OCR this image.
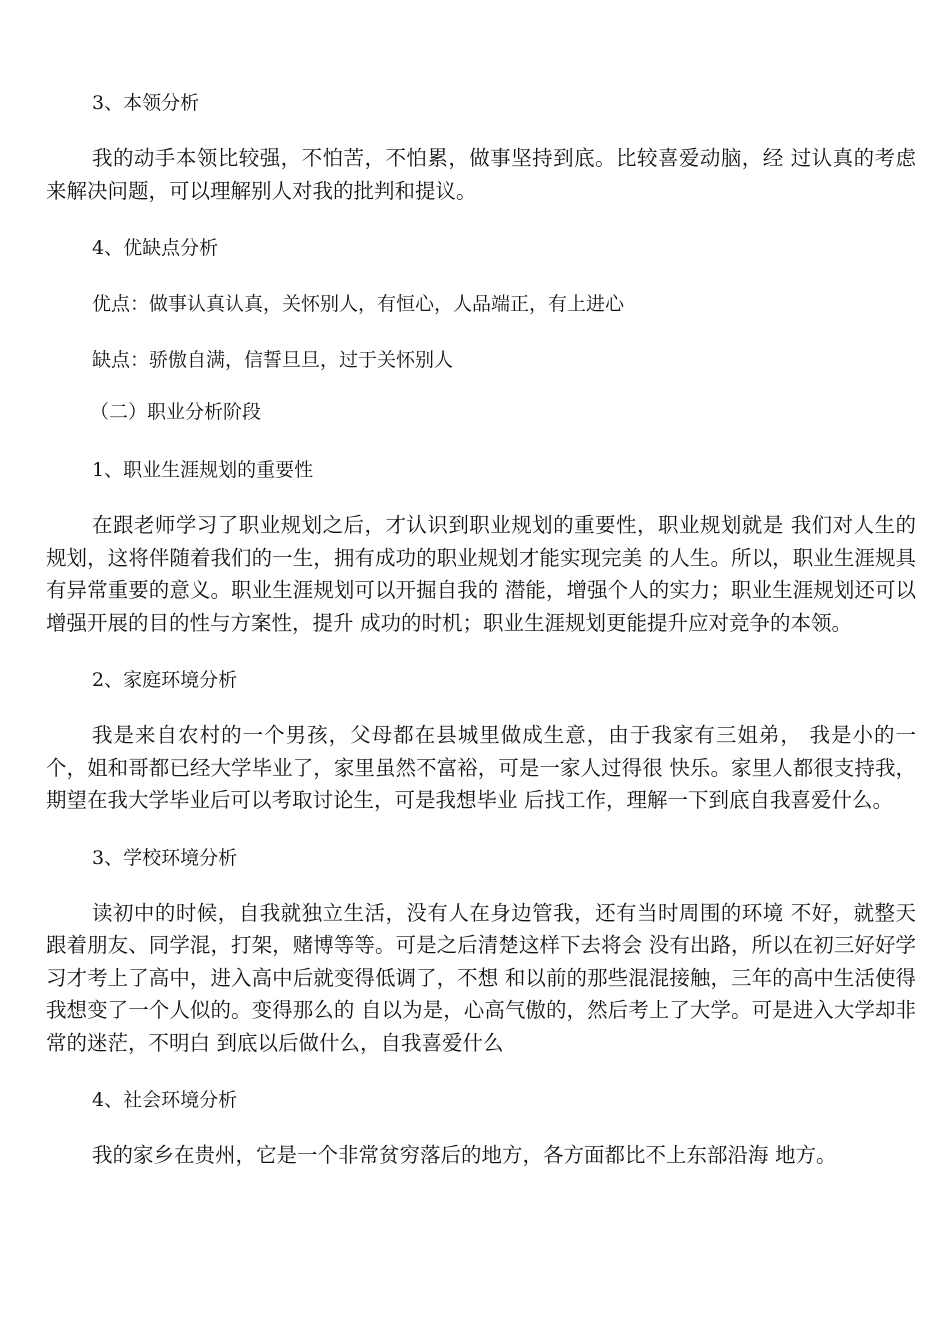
3、本领分析

我的动手本领比较强，不怕苦，不怕累，做事坚持到底。比较喜爱动脑，经 过认真的考虑来解决问题，可以理解别人对我的批判和提议。

4、优缺点分析

优点：做事认真认真，关怀别人，有恒心，人品端正，有上进心

缺点：骄傲自满，信誓旦旦，过于关怀别人

（二）职业分析阶段

1、职业生涯规划的重要性

在跟老师学习了职业规划之后，才认识到职业规划的重要性，职业规划就是 我们对人生的规划，这将伴随着我们的一生，拥有成功的职业规划才能实现完美 的人生。所以，职业生涯规具有异常重要的意义。职业生涯规划可以开掘自我的 潜能，增强个人的实力；职业生涯规划还可以增强开展的目的性与方案性，提升 成功的时机；职业生涯规划更能提升应对竞争的本领。

2、家庭环境分析

我是来自农村的一个男孩，父母都在县城里做成生意，由于我家有三姐弟， 我是小的一个，姐和哥都已经大学毕业了，家里虽然不富裕，可是一家人过得很 快乐。家里人都很支持我，期望在我大学毕业后可以考取讨论生，可是我想毕业 后找工作，理解一下到底自我喜爱什么。

3、学校环境分析

读初中的时候，自我就独立生活，没有人在身边管我，还有当时周围的环境 不好，就整天跟着朋友、同学混，打架，赌博等等。可是之后清楚这样下去将会 没有出路，所以在初三好好学习才考上了高中，进入高中后就变得低调了，不想 和以前的那些混混接触，三年的高中生活使得我想变了一个人似的。变得那么的 自以为是，心高气傲的，然后考上了大学。可是进入大学却非常的迷茫，不明白 到底以后做什么，自我喜爱什么

4、社会环境分析

我的家乡在贵州，它是一个非常贫穷落后的地方，各方面都比不上东部沿海 地方。
